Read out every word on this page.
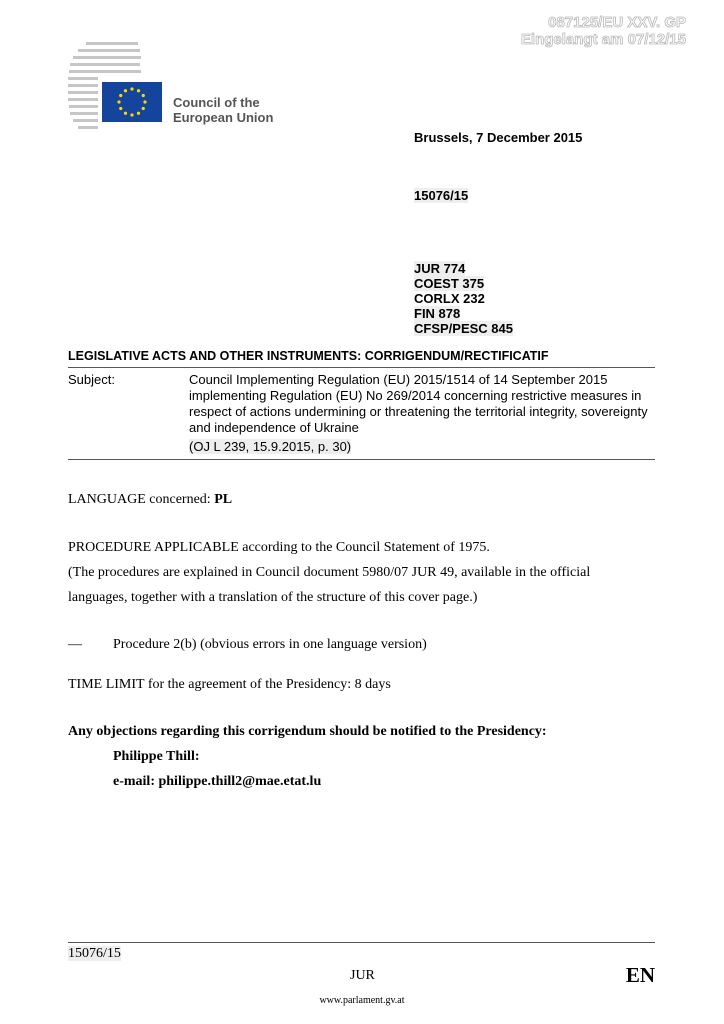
087125/EU XXV. GP
Eingelangt am 07/12/15
Council of the
European Union
Brussels, 7 December 2015
15076/15
JUR 774
COEST 375
CORLX 232
FIN 878
CFSP/PESC 845
LEGISLATIVE ACTS AND OTHER INSTRUMENTS: CORRIGENDUM/RECTIFICATIF
Subject:	Council Implementing Regulation (EU) 2015/1514 of 14 September 2015 implementing Regulation (EU) No 269/2014 concerning restrictive measures in respect of actions undermining or threatening the territorial integrity, sovereignty and independence of Ukraine
(OJ L 239, 15.9.2015, p. 30)
LANGUAGE concerned: PL
PROCEDURE APPLICABLE according to the Council Statement of 1975.
(The procedures are explained in Council document 5980/07 JUR 49, available in the official
languages, together with a translation of the structure of this cover page.)
— Procedure 2(b) (obvious errors in one language version)
TIME LIMIT for the agreement of the Presidency: 8 days
Any objections regarding this corrigendum should be notified to the Presidency:
Philippe Thill:
e-mail: philippe.thill2@mae.etat.lu
15076/15
JUR	EN
www.parlament.gv.at
